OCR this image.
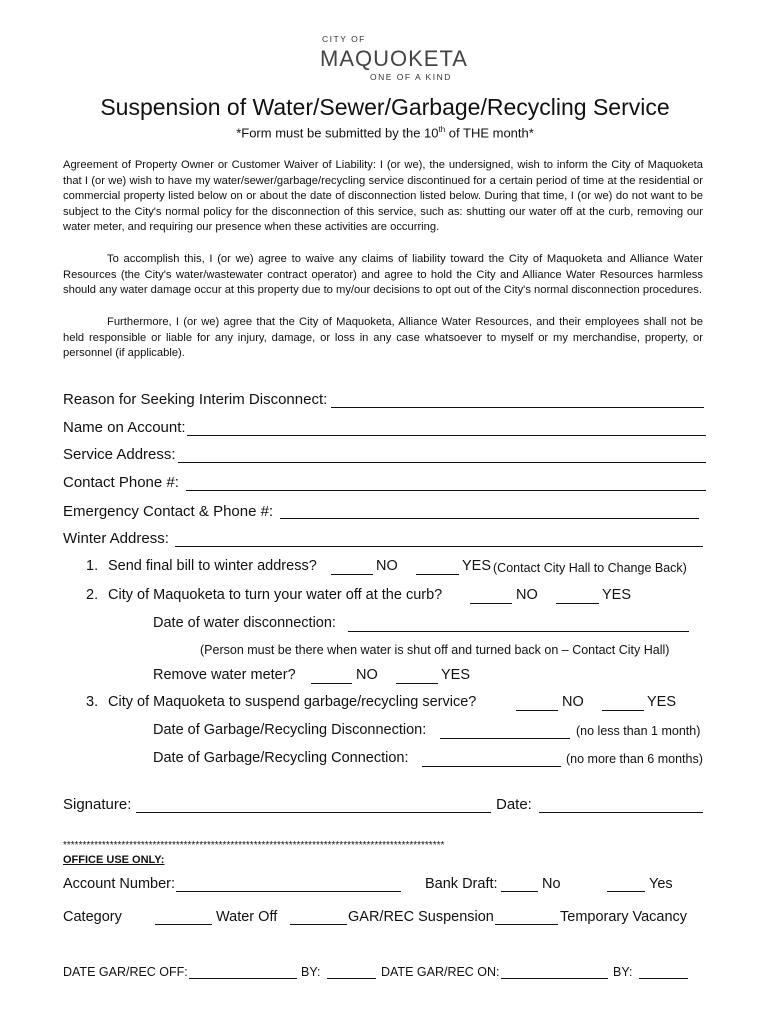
CITY OF
MAQUOKETA
ONE OF A KIND
Suspension of Water/Sewer/Garbage/Recycling Service
*Form must be submitted by the 10th of THE month*
Agreement of Property Owner or Customer Waiver of Liability: I (or we), the undersigned, wish to inform the City of Maquoketa that I (or we) wish to have my water/sewer/garbage/recycling service discontinued for a certain period of time at the residential or commercial property listed below on or about the date of disconnection listed below. During that time, I (or we) do not want to be subject to the City's normal policy for the disconnection of this service, such as: shutting our water off at the curb, removing our water meter, and requiring our presence when these activities are occurring.
To accomplish this, I (or we) agree to waive any claims of liability toward the City of Maquoketa and Alliance Water Resources (the City's water/wastewater contract operator) and agree to hold the City and Alliance Water Resources harmless should any water damage occur at this property due to my/our decisions to opt out of the City's normal disconnection procedures.
Furthermore, I (or we) agree that the City of Maquoketa, Alliance Water Resources, and their employees shall not be held responsible or liable for any injury, damage, or loss in any case whatsoever to myself or my merchandise, property, or personnel (if applicable).
Reason for Seeking Interim Disconnect:
Name on Account:
Service Address:
Contact Phone #:
Emergency Contact & Phone #:
Winter Address:
1. Send final bill to winter address?	NO	YES (Contact City Hall to Change Back)
2. City of Maquoketa to turn your water off at the curb?	NO	YES
Date of water disconnection:
(Person must be there when water is shut off and turned back on – Contact City Hall)
Remove water meter?	NO	YES
3. City of Maquoketa to suspend garbage/recycling service?	NO	YES
Date of Garbage/Recycling Disconnection:	(no less than 1 month)
Date of Garbage/Recycling Connection:	(no more than 6 months)
Signature:	Date:
**************************************************************************************************
OFFICE USE ONLY:
Account Number:	Bank Draft:	No	Yes
Category	Water Off	GAR/REC Suspension	Temporary Vacancy
DATE GAR/REC OFF:	BY:	DATE GAR/REC ON:	BY:
